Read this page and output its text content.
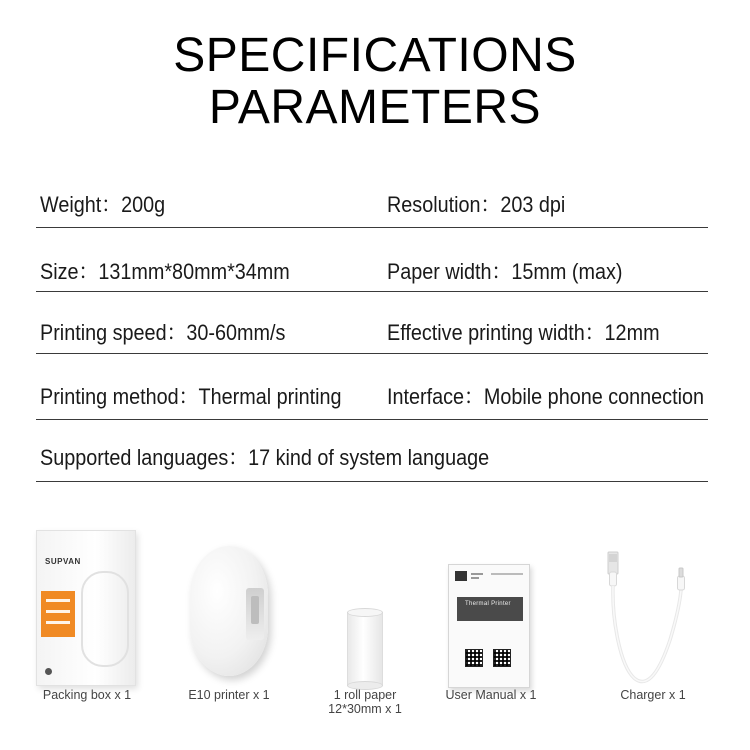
SPECIFICATIONS
PARAMETERS
Weight：200g	Resolution：203 dpi
Size：131mm*80mm*34mm	Paper width：15mm (max)
Printing speed：30-60mm/s	Effective printing width：12mm
Printing method：Thermal printing Interface：Mobile phone connection
Supported languages：17 kind of system language
SUPVAN
Packing box x 1	E10 printer x 1	1 roll paper
12*30mm x 1
Thermal Printer
User Manual x 1	Charger x 1
